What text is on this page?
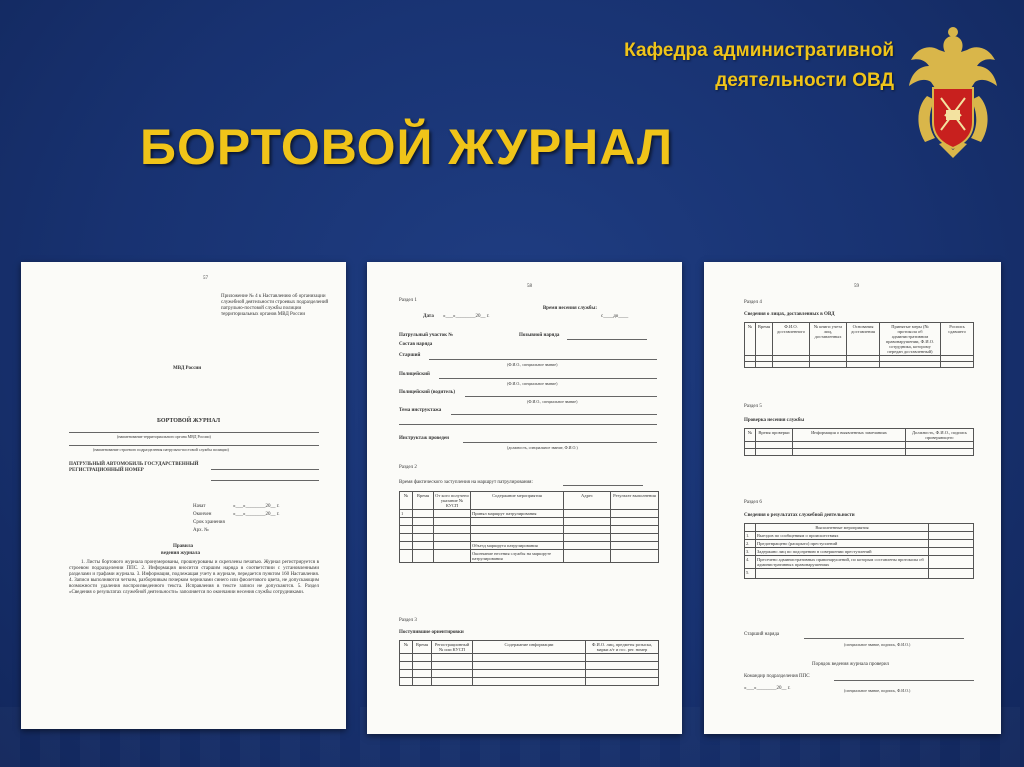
Кафедра административной
деятельности ОВД
БОРТОВОЙ ЖУРНАЛ
57
Приложение № 4 к Наставлению об организации служебной деятельности строевых подразделений патрульно-постовой службы полиции территориальных органов МВД России
МВД России
БОРТОВОЙ ЖУРНАЛ
(наименование территориального органа МВД России)
(наименование строевого подразделения патрульно-постовой службы полиции)
ПАТРУЛЬНЫЙ АВТОМОБИЛЬ ГОСУДАРСТВЕННЫЙ РЕГИСТРАЦИОННЫЙ НОМЕР
Начат	«___»________20__ г.
Окончен	«___»________20__ г.
Срок хранения
Арх. №
Правила
ведения журнала
1. Листы бортового журнала пронумерованы, прошнурованы и скреплены печатью. Журнал регистрируется в строевом подразделении ППС. 2. Информация вносится старшим наряда в соответствии с установленными разделами и графами журнала. 3. Информация, подлежащая учету в журнале, передается пунктом 160 Наставления. 4. Записи выполняются четким, разборчивым почерком чернилами синего или фиолетового цвета, не допускающим возможности удаления воспроизведенного текста. Исправления в тексте записи не допускаются. 5. Раздел «Сведения о результатах служебной деятельности» заполняется по окончании несения службы сотрудниками.
58
Раздел 1
Дата «___»________20__ г.
Время несения службы:
с____до____
Патрульный участок №	Позывной наряда
Состав наряда
Старший
(Ф.И.О., специальное звание)
Полицейский
(Ф.И.О., специальное звание)
Полицейский (водитель)
(Ф.И.О., специальное звание)
Тема инструктажа
Инструктаж проведен
(должность, специальное звание, Ф.И.О.)
Раздел 2
Время фактического заступления на маршрут патрулирования:
№	Время	От кого получено указание № КУСП	Содержание мероприятия	Адрес	Результат выполнения
1			Принял маршрут патрулирования		

			Объезд маршрута патрулирования		
			Окончание несения службы на маршруте патрулирования		
Раздел 3
Поступившие ориентировки
№	Время	Регистрационный № или КУСП	Содержание информации	Ф.И.О. лиц, предметы розыска, марки а/т и гос. рег. номер

59
Раздел 4
Сведения о лицах, доставленных в ОВД
№	Время	Ф.И.О. доставленного	№ книги учета лиц, доставленных	Основания доставления	Принятые меры (№ протокола об административном правонарушении, Ф.И.О. сотрудника, которому передан доставленный)	Роспись сдавшего

Раздел 5
Проверка несения службы
№	Время проверки	Информация о выявленных замечаниях	Должность, Ф.И.О., подпись проверяющего

Раздел 6
Сведения о результатах служебной деятельности
	Выполненные мероприятия	
1.	Выездов по сообщениям о происшествиях	
2.	Предотвращено (раскрыто) преступлений	
3.	Задержано лиц по подозрению в совершении преступлений	
4.	Пресечено административных правонарушений, по которым составлены протоколы об административных правонарушениях	
5.		
Старший наряда
(специальное звание, подпись, Ф.И.О.)
Порядок ведения журнала проверил
Командир подразделения ППС
«___»________20__ г.	(специальное звание, подпись, Ф.И.О.)
